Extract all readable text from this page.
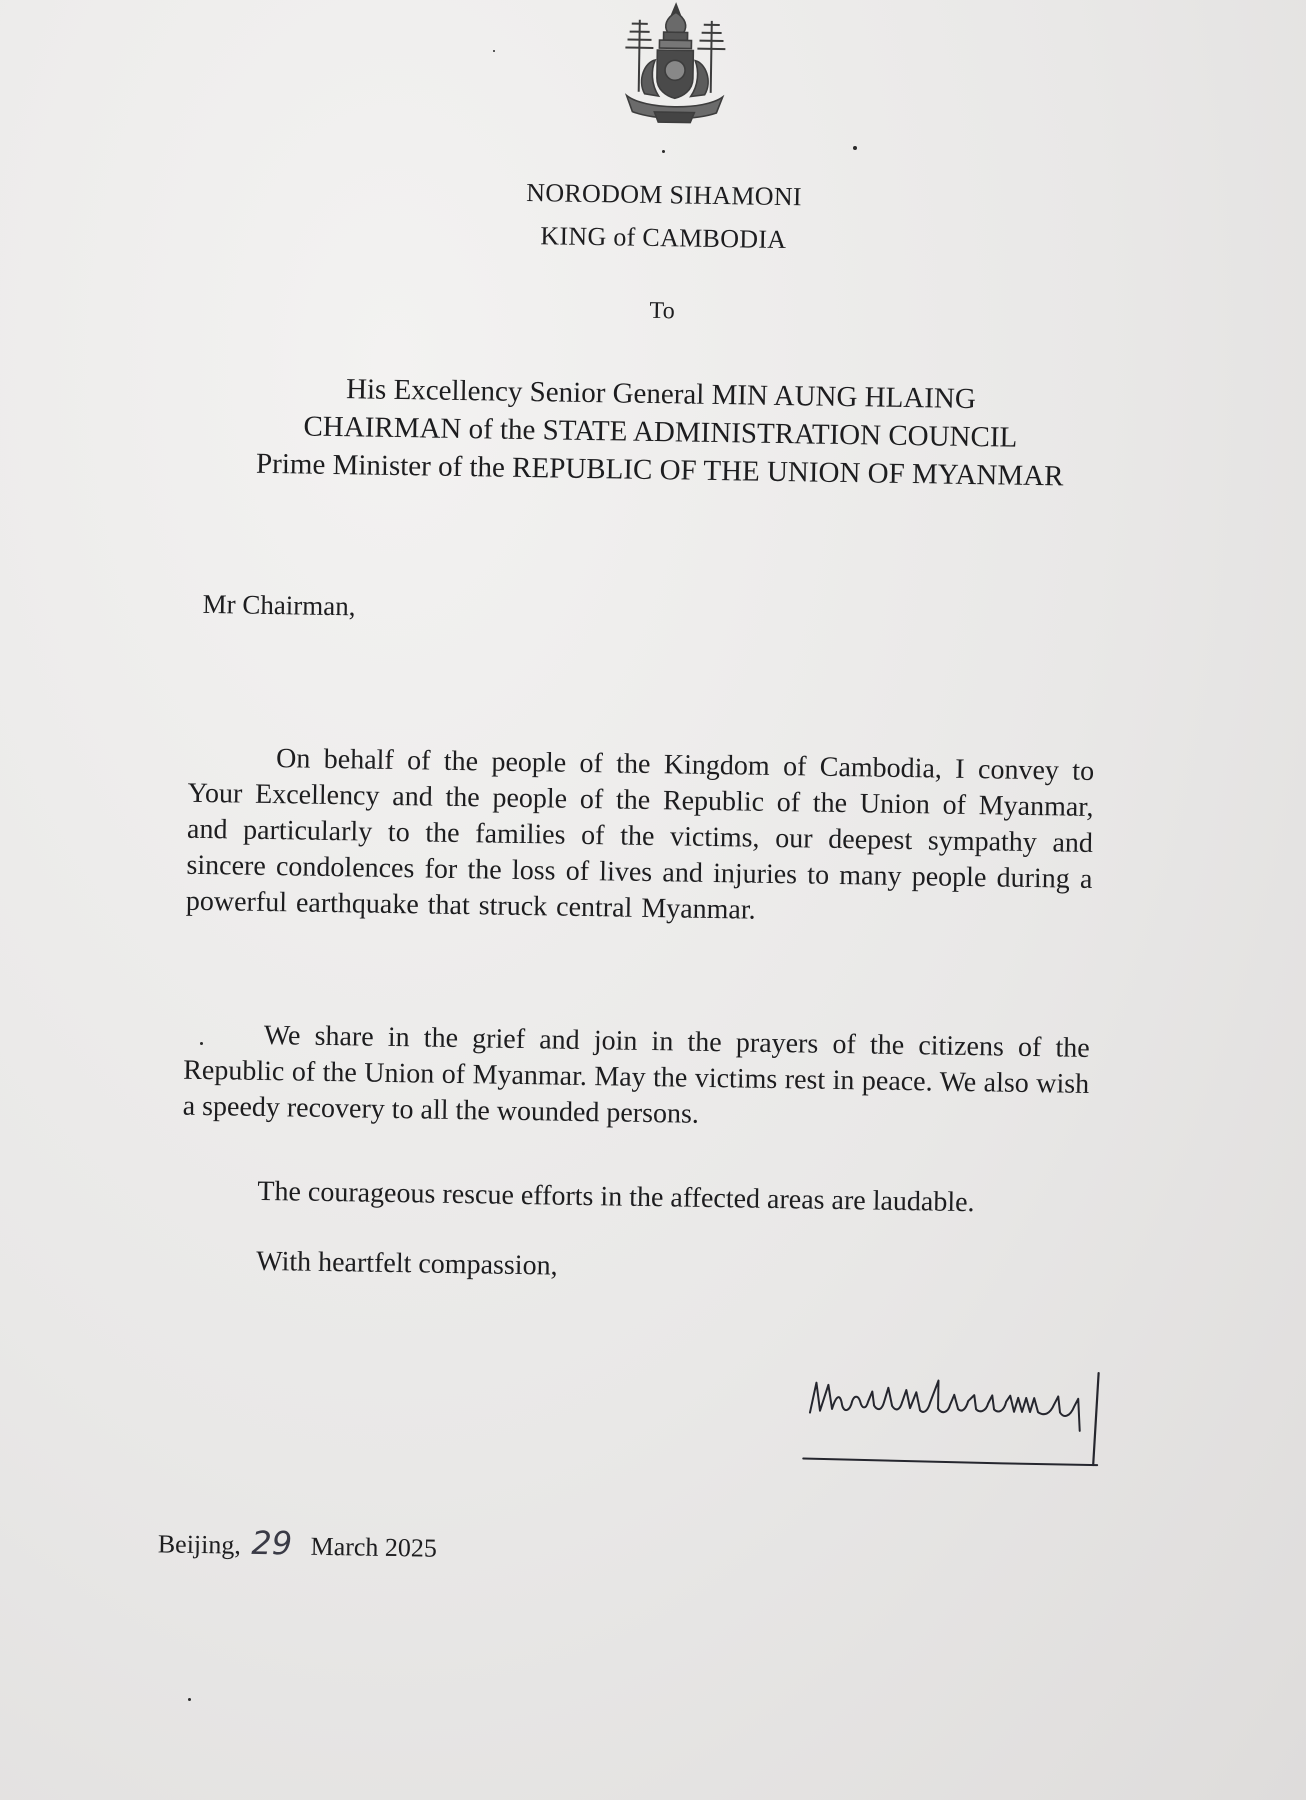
NORODOM SIHAMONI
KING of CAMBODIA
To
His Excellency Senior General MIN AUNG HLAING
CHAIRMAN of the STATE ADMINISTRATION COUNCIL
Prime Minister of the REPUBLIC OF THE UNION OF MYANMAR
Mr Chairman,
On behalf of the people of the Kingdom of Cambodia, I convey to Your Excellency and the people of the Republic of the Union of Myanmar, and particularly to the families of the victims, our deepest sympathy and sincere condolences for the loss of lives and injuries to many people during a powerful earthquake that struck central Myanmar.
We share in the grief and join in the prayers of the citizens of the Republic of the Union of Myanmar. May the victims rest in peace. We also wish a speedy recovery to all the wounded persons.
The courageous rescue efforts in the affected areas are laudable.
With heartfelt compassion,
Beijing, 29 March 2025
